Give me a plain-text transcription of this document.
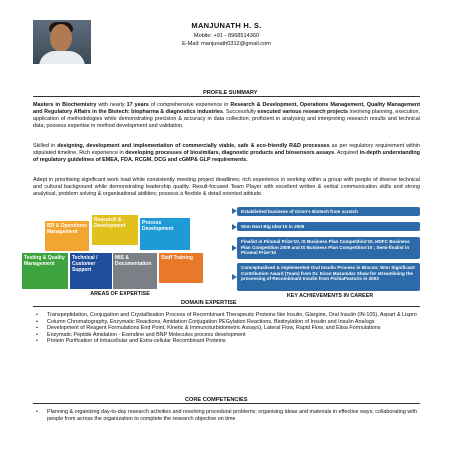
MANJUNATH H. S.
Mobile: +91 - 8968514360
E-Mail: manjunath0312@gmail.com
PROFILE SUMMARY
Masters in Biochemistry with nearly 17 years of comprehensive experience in Research & Development, Operations Management, Quality Management and Regulatory Affairs in the Biotech: biopharma & diagnostics industries. Successfully executed various research projects involving planning, execution, application of methodologies while demonstrating precision & accuracy in data collection; proficient in analysing and interpreting research results and technical data; possess expertise in method development and validation.
Skilled in designing, development and implementation of commercially viable, safe & eco-friendly R&D processes as per regulatory requirement within stipulated timeline. Rich experience in developing processes of biosimilars, diagnostic products and biosensors assays. Acquired in-depth understanding of regulatory guidelines of EMEA, FDA, RCGM, DCG and cGMP& GLP requirements.
Adept in prioritising significant work load while consistently meeting project deadlines; rich experience in working within a group with people of diverse technical and cultural background while demonstrating leadership quality. Result-focused Team Player with excellent written & verbal communication skills and strong analytical, problem solving & organisational abilities; possess a flexible & detail oriented attitude.
BD & Operations Management
Research & Development	Process Development
Testing & Quality Management
Technical / Customer Support
MIS & Documentation
Staff Training
AREAS OF EXPERTISE
Established business of Orion's Biotech from scratch
Won Next Big Idea'10 in 2009
Finalist in Piramal Prize'10, IS Business Plan Competition'10, HDFC Business Plan Competition 2009 and IS Business Plan Competition'10 ; Semi-finalist in Piramal Prize'10
Conceptualised & implemented Oral Insulin Process in Biocon; Won Significant Contribution Award (Team) from Dr. Kiran Mazumdar Shaw for streamlining the processing of Recombinant Insulin from PichiaPastoris in 2003
KEY ACHIEVEMENTS IN CAREER
DOMAIN EXPERTISE
• Transpeptidation, Conjugation and Crystallisation Process of Recombinant Therapeutic Proteins like Insulin, Glargine, Oral Insulin (IN-105), Aspart & Lispro
• Column Chromatography, Enzymatic Reactions, Amidation Conjugation PEGylation Reactions, Biotinylation of Insulin and Insulin Analogs
• Development of Reagent Formulations End Point, Kinetic & Immunoturbidometric Assays), Lateral Flow, Rapid Flow, and Elisa Formulations
• Enzymatic Peptide Amidation - Exendine and BNP Molecules process development
• Protein Purification of Intracellular and Extra-cellular Recombinant Proteins
CORE COMPETENCIES
• Planning & organizing day-to-day research activities and resolving procedural problems; organising ideas and materials in effective ways; collaborating with people from across the organization to complete the research objective on time
